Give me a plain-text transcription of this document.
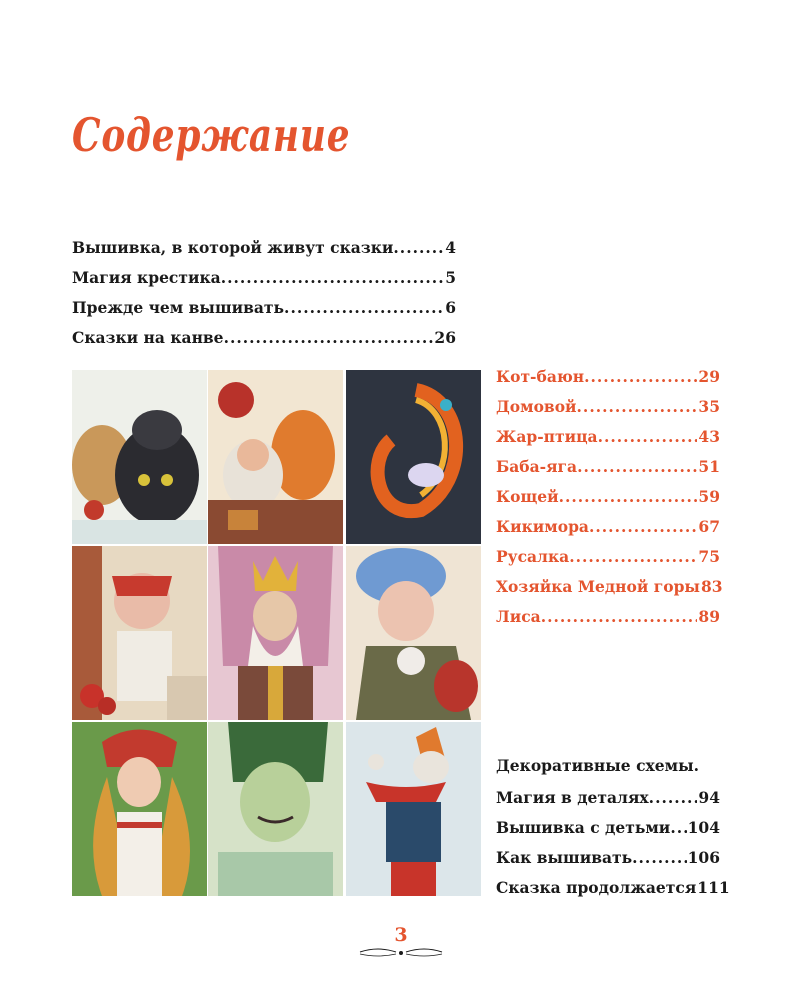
Содержание
Вышивка, в которой живут сказки .....	4
Магия крестика .....	5
Прежде чем вышивать .....	6
Сказки на канве .....	26
Кот-баюн .....	29
Домовой .....	35
Жар-птица .....	43
Баба-яга .....	51
Кощей .....	59
Кикимора .....	67
Русалка .....	75
Хозяйка Медной горы 83
Лиса .....	89
Декоративные схемы.
Магия в деталях .....	94
Вышивка с детьми ..... 104
Как вышивать .....	106
Сказка продолжается 111
3
